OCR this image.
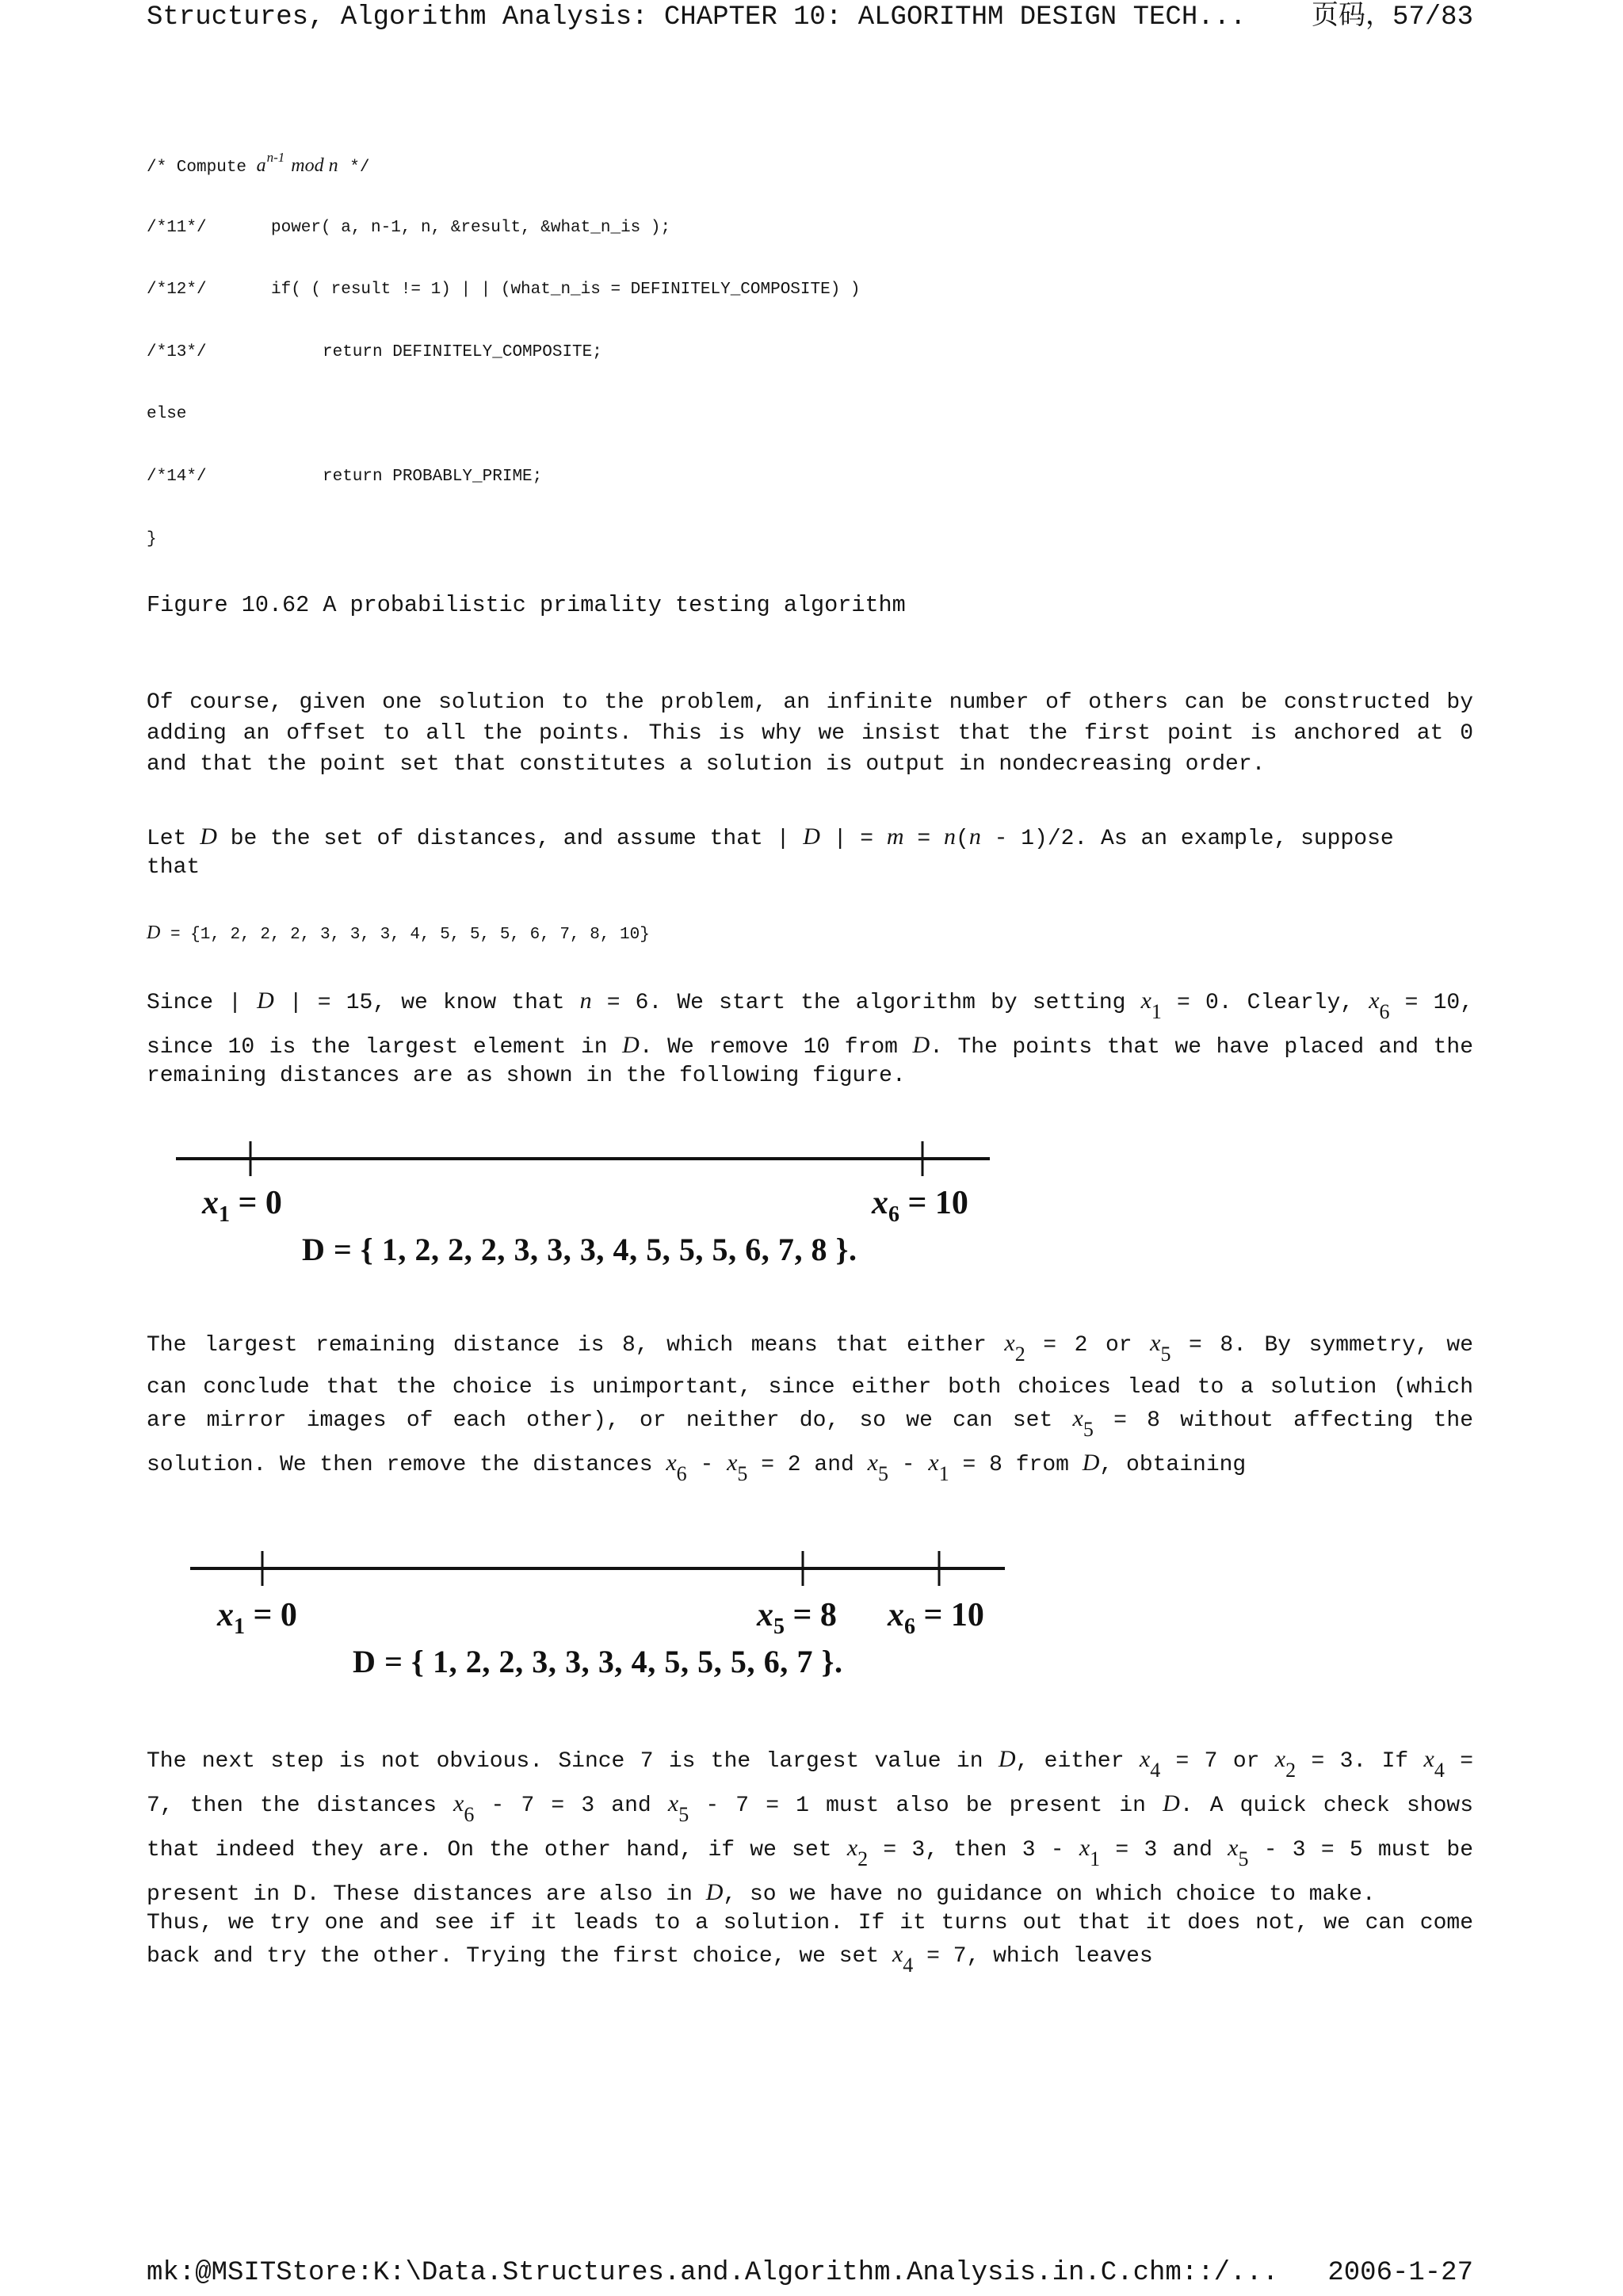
Structures, Algorithm Analysis: CHAPTER 10: ALGORITHM DESIGN TECH... 页码，57/83
/* Compute $a^{n-1}$ mod n */
/*11*/	power( a, n-1, n, &result, &what_n_is );
/*12*/	if( ( result != 1) | | (what_n_is = DEFINITELY_COMPOSITE) )
/*13*/	return DEFINITELY_COMPOSITE;
else
/*14*/	return PROBABLY_PRIME;
}
Figure 10.62 A probabilistic primality testing algorithm
Of course, given one solution to the problem, an infinite number of others can be constructed by
adding an offset to all the points. This is why we insist that the first point is anchored at 0
and that the point set that constitutes a solution is output in nondecreasing order.
Let D be the set of distances, and assume that | D | = m = n(n - 1)/2. As an example, suppose
that
D = {1, 2, 2, 2, 3, 3, 3, 4, 5, 5, 5, 6, 7, 8, 10}
Since | D | = 15, we know that n = 6. We start the algorithm by setting x1 = 0. Clearly, x6 = 10,
since 10 is the largest element in D. We remove 10 from D. The points that we have placed and the
remaining distances are as shown in the following figure.
$x_1 = 0$	$x_6 = 10$
D = { 1, 2, 2, 2, 3, 3, 3, 4, 5, 5, 5, 6, 7, 8 }.
The largest remaining distance is 8, which means that either x2 = 2 or x5 = 8. By symmetry, we
can conclude that the choice is unimportant, since either both choices lead to a solution (which
are mirror images of each other), or neither do, so we can set x5 = 8 without affecting the
solution. We then remove the distances x6 - x5 = 2 and x5 - x1 = 8 from D, obtaining
$x_1 = 0$	$x_5 = 8$ $x_6 = 10$
D = { 1, 2, 2, 3, 3, 3, 4, 5, 5, 5, 6, 7 }.
The next step is not obvious. Since 7 is the largest value in D, either x4 = 7 or x2 = 3. If x4 =
7, then the distances x6 - 7 = 3 and x5 - 7 = 1 must also be present in D. A quick check shows
that indeed they are. On the other hand, if we set x2 = 3, then 3 - x1 = 3 and x5 - 3 = 5 must be
present in D. These distances are also in D, so we have no guidance on which choice to make.
Thus, we try one and see if it leads to a solution. If it turns out that it does not, we can come
back and try the other. Trying the first choice, we set x4 = 7, which leaves
mk:@MSITStore:K:\Data.Structures.and.Algorithm.Analysis.in.C.chm::/... 2006-1-27
